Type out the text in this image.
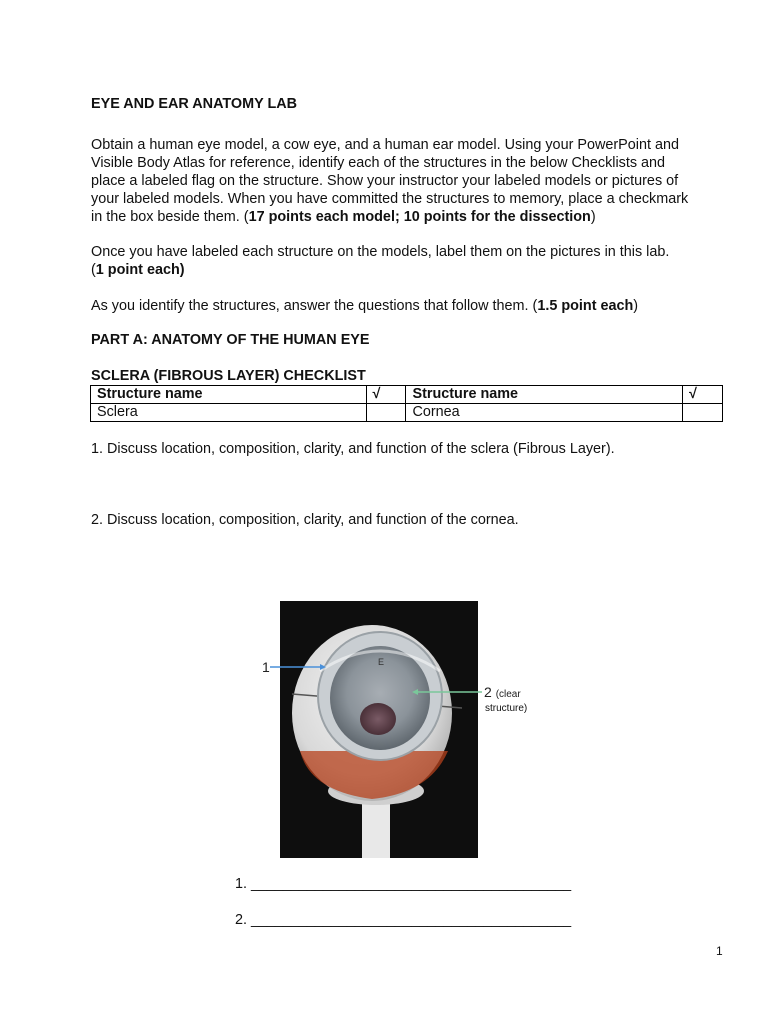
EYE AND EAR ANATOMY LAB
Obtain a human eye model, a cow eye, and a human ear model. Using your PowerPoint and
Visible Body Atlas for reference, identify each of the structures in the below Checklists and
place a labeled flag on the structure. Show your instructor your labeled models or pictures of
your labeled models. When you have committed the structures to memory, place a checkmark
in the box beside them. (17 points each model; 10 points for the dissection)
Once you have labeled each structure on the models, label them on the pictures in this lab.
(1 point each)
As you identify the structures, answer the questions that follow them. (1.5 point each)
PART A: ANATOMY OF THE HUMAN EYE
SCLERA (FIBROUS LAYER) CHECKLIST
Structure name	√	Structure name	√
Sclera		Cornea	
1. Discuss location, composition, clarity, and function of the sclera (Fibrous Layer).
2. Discuss location, composition, clarity, and function of the cornea.
E
1
2 (clear
structure)
1. ________________________________________
2. ________________________________________
1
